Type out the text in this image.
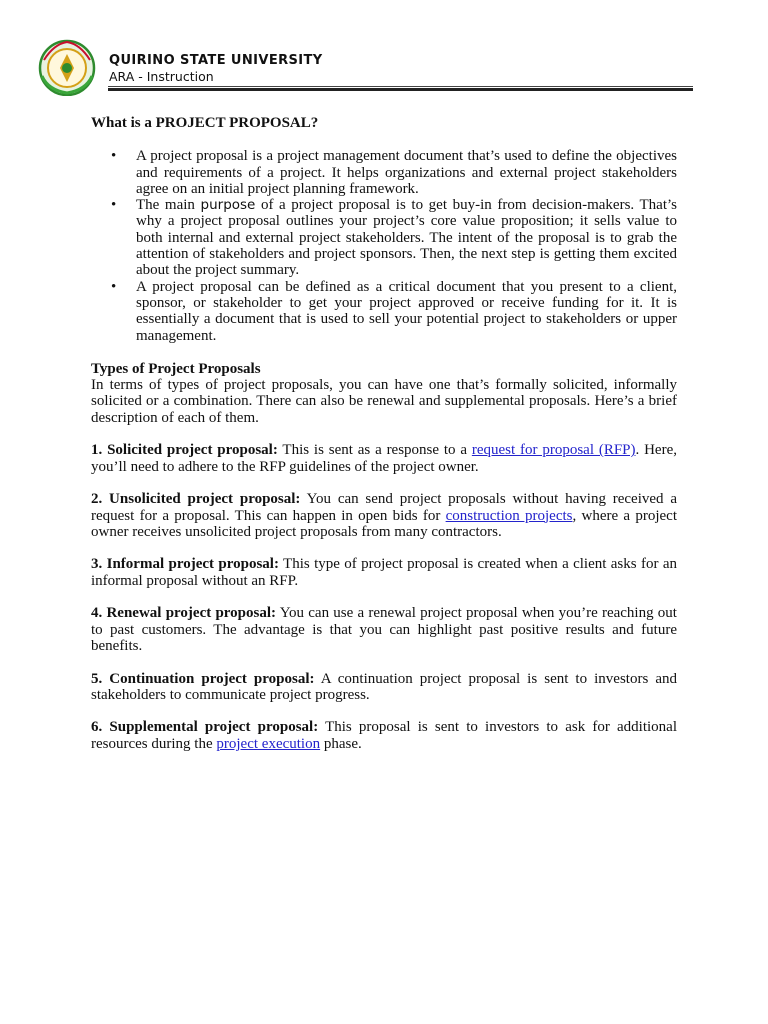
QUIRINO STATE UNIVERSITY
ARA - Instruction
What is a PROJECT PROPOSAL?
• A project proposal is a project management document that’s used to define the objectives and requirements of a project. It helps organizations and external project stakeholders agree on an initial project planning framework.
• The main purpose of a project proposal is to get buy-in from decision-makers. That’s why a project proposal outlines your project’s core value proposition; it sells value to both internal and external project stakeholders. The intent of the proposal is to grab the attention of stakeholders and project sponsors. Then, the next step is getting them excited about the project summary.
• A project proposal can be defined as a critical document that you present to a client, sponsor, or stakeholder to get your project approved or receive funding for it. It is essentially a document that is used to sell your potential project to stakeholders or upper management.
Types of Project Proposals

In terms of types of project proposals, you can have one that’s formally solicited, informally solicited or a combination. There can also be renewal and supplemental proposals. Here’s a brief description of each of them.

1. Solicited project proposal: This is sent as a response to a request for proposal (RFP). Here, you’ll need to adhere to the RFP guidelines of the project owner.

2. Unsolicited project proposal: You can send project proposals without having received a request for a proposal. This can happen in open bids for construction projects, where a project owner receives unsolicited project proposals from many contractors.

3. Informal project proposal: This type of project proposal is created when a client asks for an informal proposal without an RFP.

4. Renewal project proposal: You can use a renewal project proposal when you’re reaching out to past customers. The advantage is that you can highlight past positive results and future benefits.

5. Continuation project proposal: A continuation project proposal is sent to investors and stakeholders to communicate project progress.

6. Supplemental project proposal: This proposal is sent to investors to ask for additional resources during the project execution phase.
